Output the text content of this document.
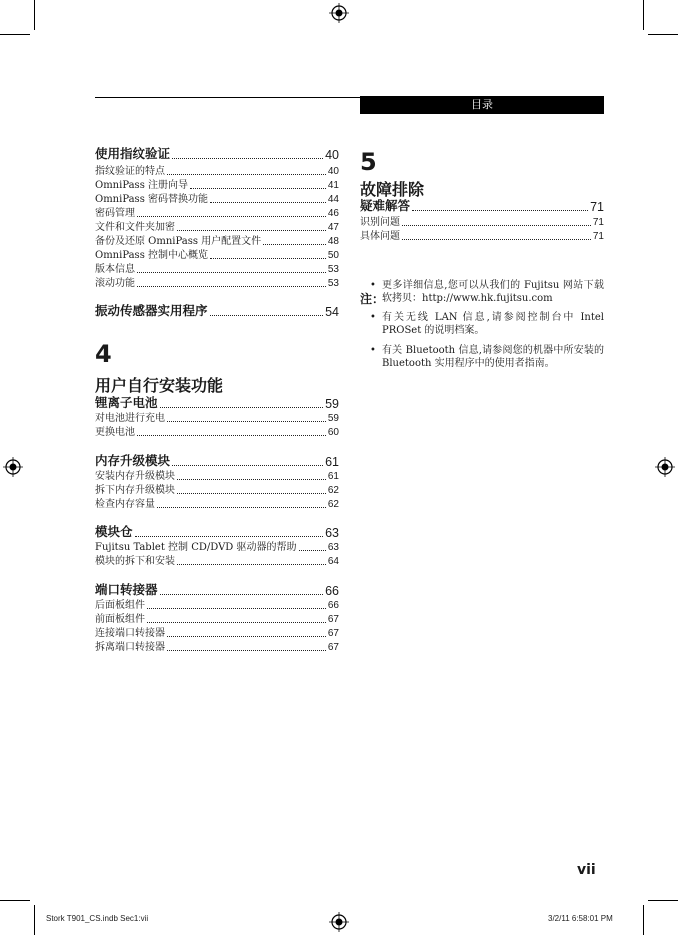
目录
使用指纹验证	40
指纹验证的特点	40
OmniPass 注册向导	41
OmniPass 密码替换功能	44
密码管理	46
文件和文件夹加密	47
备份及还原 OmniPass 用户配置文件	48
OmniPass 控制中心概览	50
版本信息	53
滚动功能	53
振动传感器实用程序	54
4
用户自行安装功能
锂离子电池	59
对电池进行充电	59
更换电池	60
内存升级模块	61
安装内存升级模块	61
拆下内存升级模块	62
检查内存容量	62
模块仓	63
Fujitsu Tablet 控制 CD/DVD 驱动器的帮助	63
模块的拆下和安装	64
端口转接器	66
后面板组件	66
前面板组件	67
连接端口转接器	67
拆离端口转接器	67
5
故障排除
疑难解答	71
识别问题	71
具体问题	71
注：
• 更多详细信息,您可以从我们的 Fujitsu 网站下载软拷贝：http://www.hk.fujitsu.com
• 有关无线 LAN 信息,请参阅控制台中 Intel PROSet 的说明档案。
• 有关 Bluetooth 信息,请参阅您的机器中所安装的 Bluetooth 实用程序中的使用者指南。
vii
Stork T901_CS.indb Sec1:vii	3/2/11 6:58:01 PM
